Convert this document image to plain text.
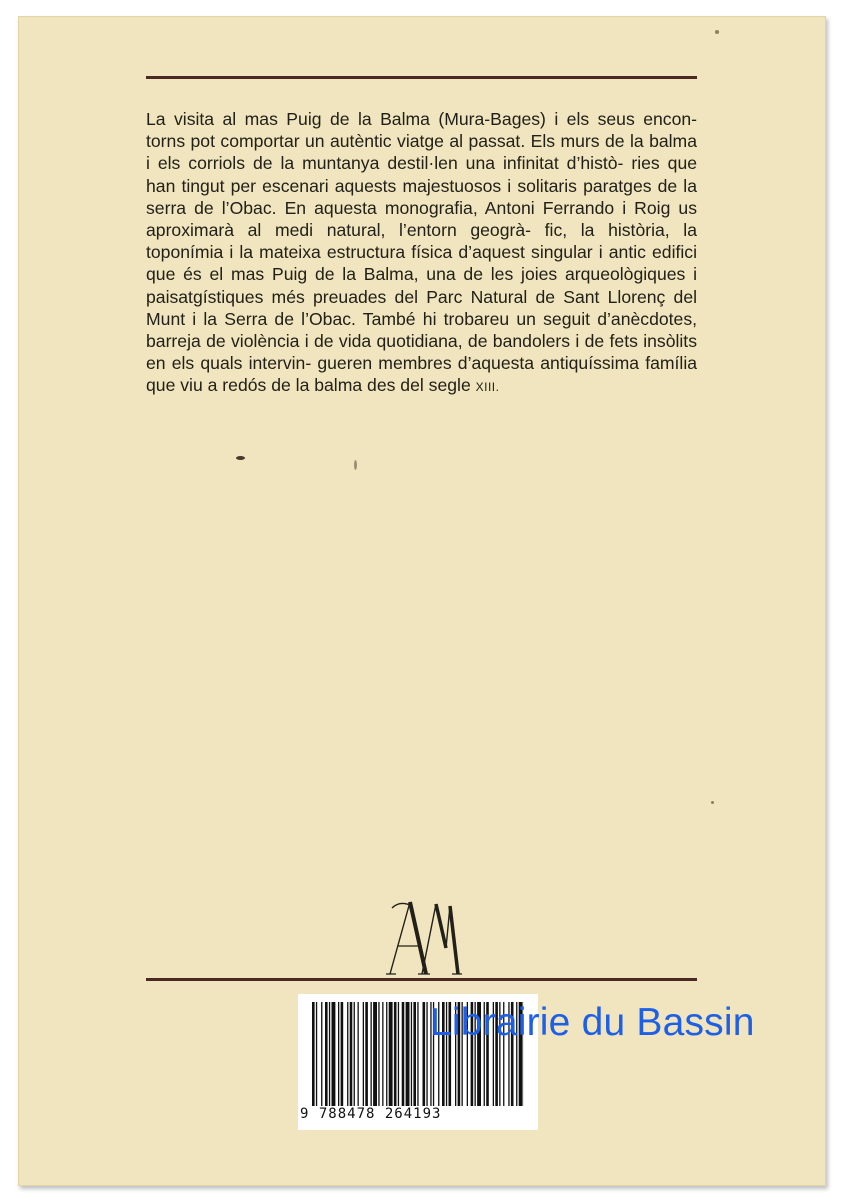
La visita al mas Puig de la Balma (Mura-Bages) i els seus encon- torns pot comportar un autèntic viatge al passat. Els murs de la balma i els corriols de la muntanya destil·len una infinitat d’histò- ries que han tingut per escenari aquests majestuosos i solitaris paratges de la serra de l’Obac. En aquesta monografia, Antoni Ferrando i Roig us aproximarà al medi natural, l’entorn geogrà- fic, la història, la toponímia i la mateixa estructura física d’aquest singular i antic edifici que és el mas Puig de la Balma, una de les joies arqueològiques i paisatgístiques més preuades del Parc Natural de Sant Llorenç del Munt i la Serra de l’Obac. També hi trobareu un seguit d’anècdotes, barreja de violència i de vida quotidiana, de bandolers i de fets insòlits en els quals intervin- gueren membres d’aquesta antiquíssima família que viu a redós de la balma des del segle XIII.

9 788478 264193
Librairie du Bassin
